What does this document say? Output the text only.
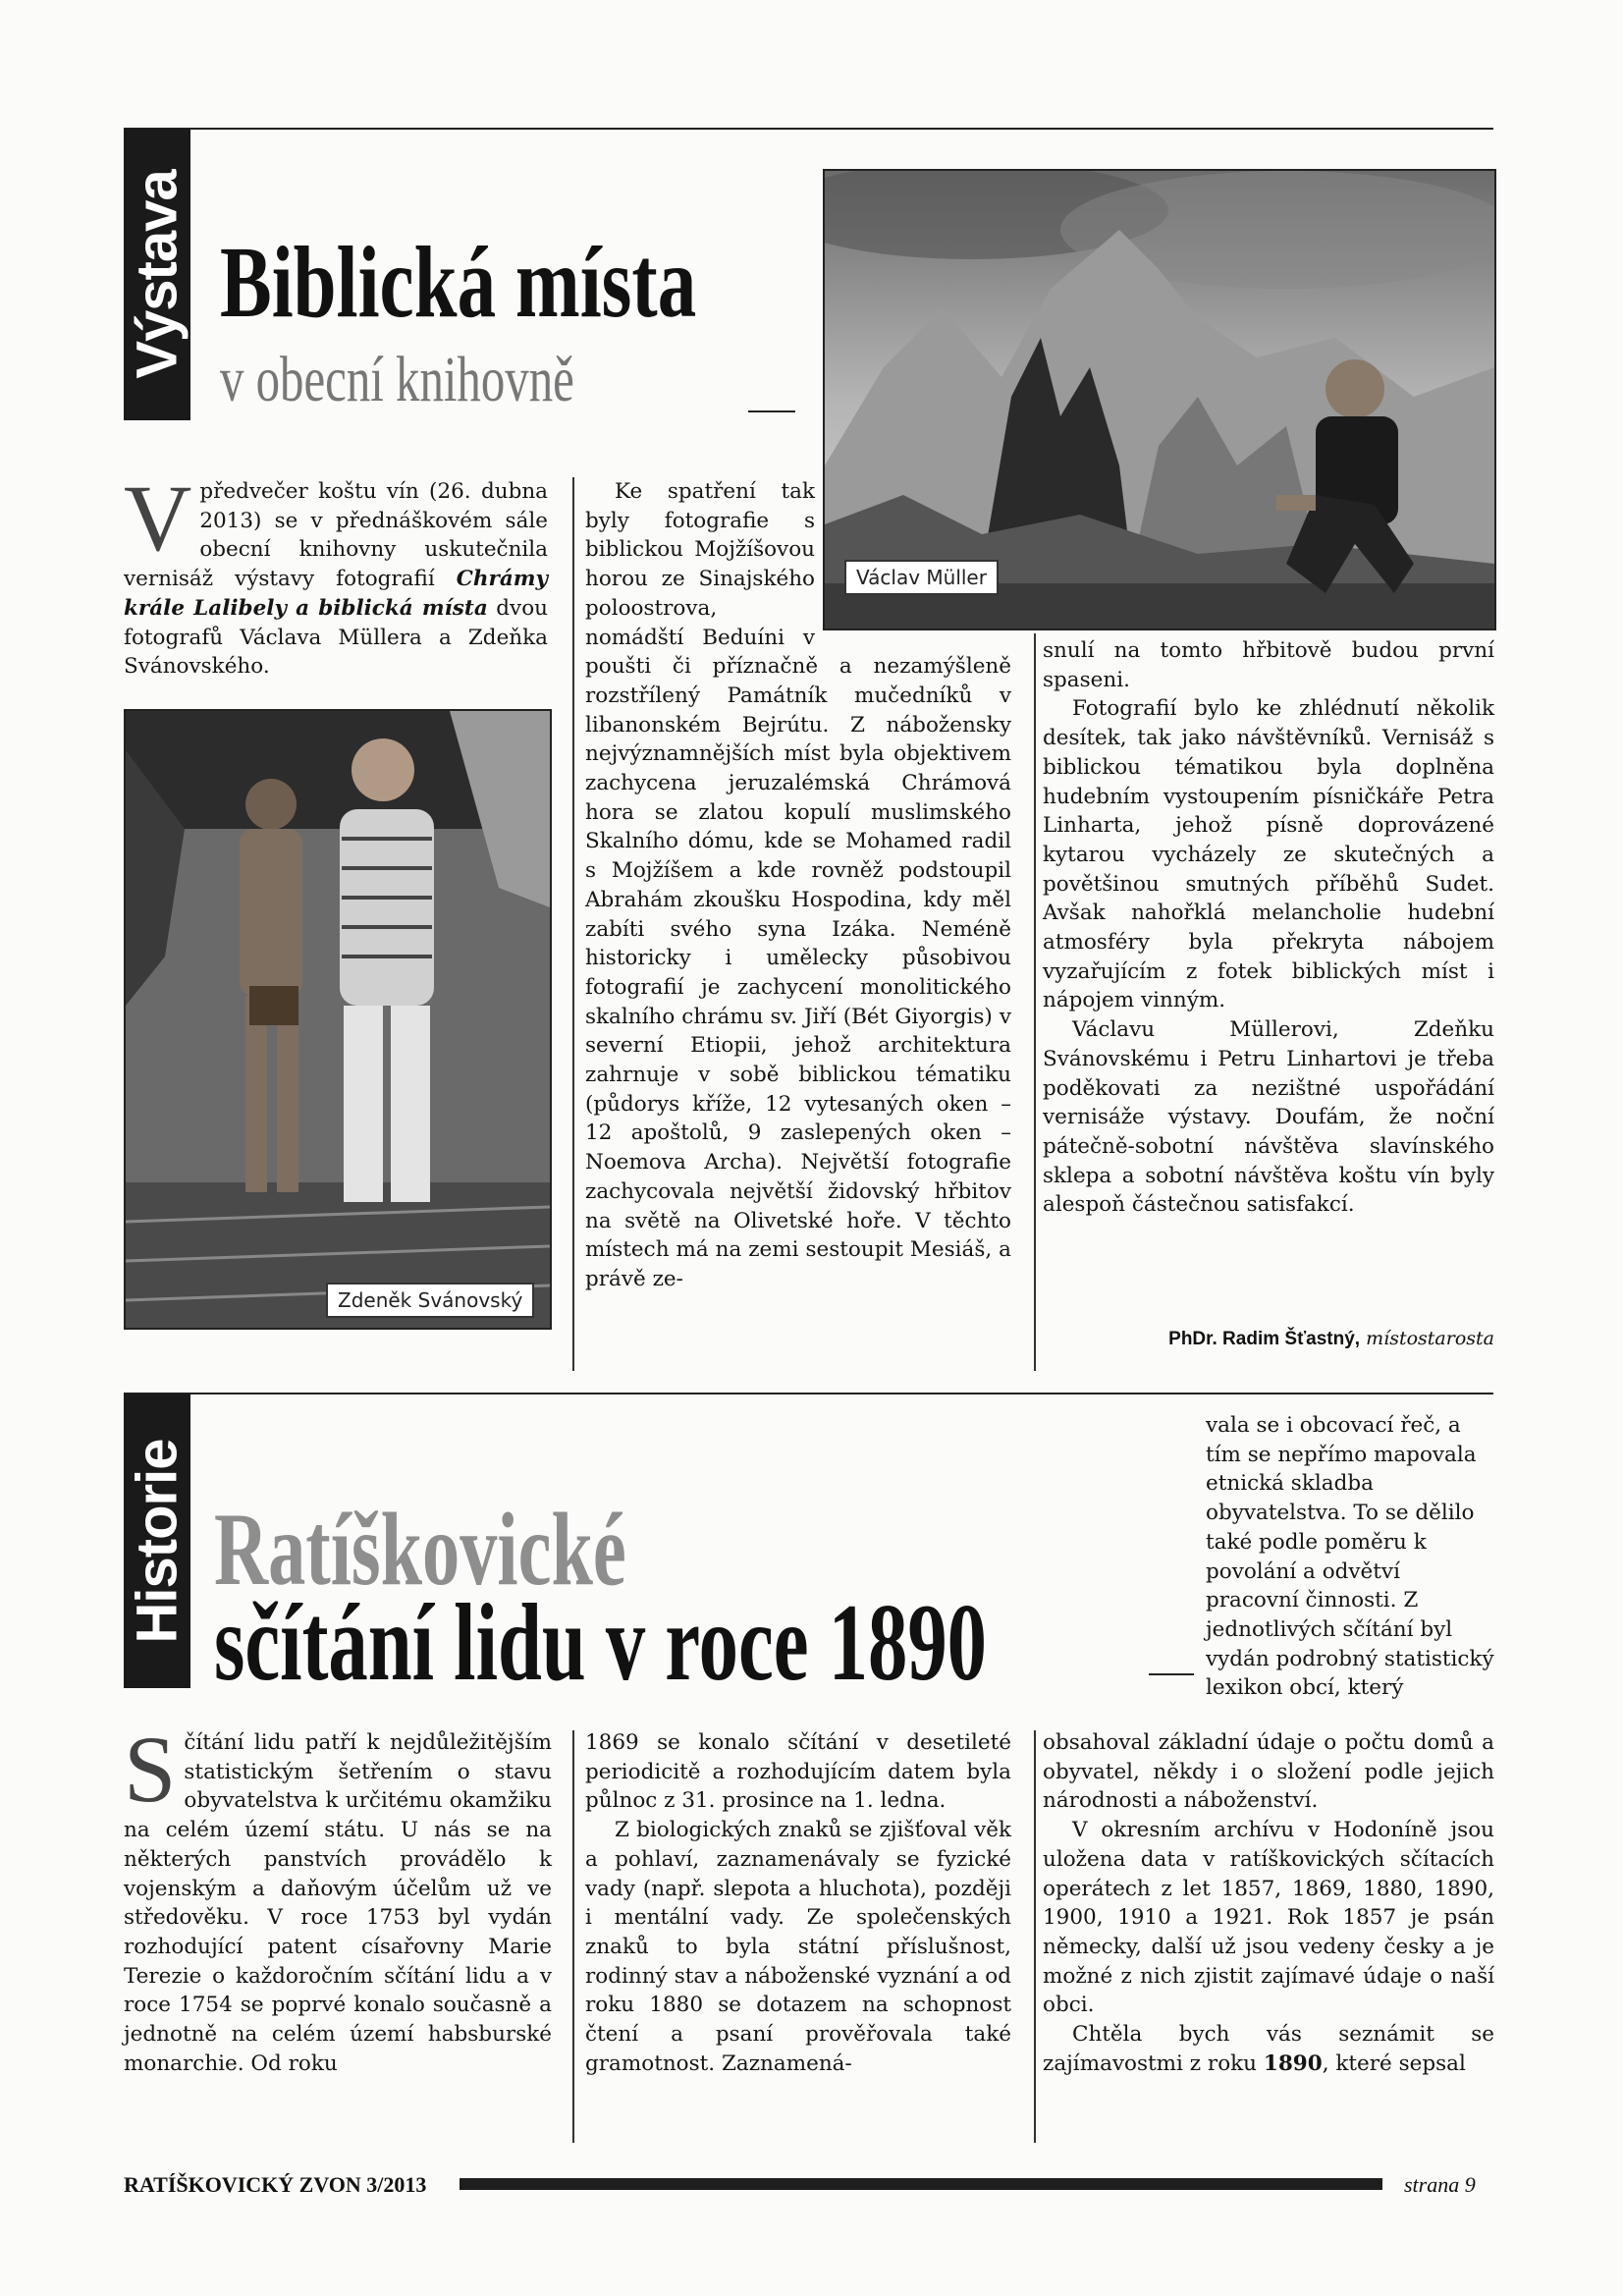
Výstava Biblická místa
v obecní knihovně
Václav Müller

V předvečer koštu vín (26. dubna 2013) se v přednáškovém sále obecní knihovny uskutečnila vernisáž výstavy fotografií Chrámy krále Lalibely a biblická místa dvou fotografů Václava Müllera a Zdeňka Svánovského.

Zdeněk Svánovský

Ke spatření tak byly fotografie s biblickou Mojžíšovou horou ze Sinajského poloostrova, nomádští Beduíni v poušti či příznačně a nezamýšleně rozstřílený Památník mučedníků v libanonském Bejrútu. Z nábožensky nejvýznamnějších míst byla objektivem zachycena jeruzalémská Chrámová hora se zlatou kopulí muslimského Skalního dómu, kde se Mohamed radil s Mojžíšem a kde rovněž podstoupil Abrahám zkoušku Hospodina, kdy měl zabíti svého syna Izáka. Neméně historicky i umělecky působivou fotografií je zachycení monolitického skalního chrámu sv. Jiří (Bét Giyorgis) v severní Etiopii, jehož architektura zahrnuje v sobě biblickou tématiku (půdorys kříže, 12 vytesaných oken – 12 apoštolů, 9 zaslepených oken – Noemova Archa). Největší fotografie zachycovala největší židovský hřbitov na světě na Olivetské hoře. V těchto místech má na zemi sestoupit Mesiáš, a právě ze-

snulí na tomto hřbitově budou první spaseni.

Fotografií bylo ke zhlédnutí několik desítek, tak jako návštěvníků. Vernisáž s biblickou tématikou byla doplněna hudebním vystoupením písničkáře Petra Linharta, jehož písně doprovázené kytarou vycházely ze skutečných a povětšinou smutných příběhů Sudet. Avšak nahořklá melancholie hudební atmosféry byla překryta nábojem vyzařujícím z fotek biblických míst i nápojem vinným.

Václavu Müllerovi, Zdeňku Svánovskému i Petru Linhartovi je třeba poděkovati za nezištné uspořádání vernisáže výstavy. Doufám, že noční pátečně-sobotní návštěva slavínského sklepa a sobotní návštěva koštu vín byly alespoň částečnou satisfakcí.

PhDr. Radim Šťastný, místostarosta
Historie Ratíškovické
sčítání lidu v roce 1890

vala se i obcovací řeč, a tím se nepřímo mapovala etnická skladba obyvatelstva. To se dělilo také podle poměru k povolání a odvětví pracovní činnosti. Z jednotlivých sčítání byl vydán podrobný statistický lexikon obcí, který

S čítání lidu patří k nejdůležitějším statistickým šetřením o stavu obyvatelstva k určitému okamžiku na celém území státu. U nás se na některých panstvích provádělo k vojenským a daňovým účelům už ve středověku. V roce 1753 byl vydán rozhodující patent císařovny Marie Terezie o každoročním sčítání lidu a v roce 1754 se poprvé konalo současně a jednotně na celém území habsburské monarchie. Od roku

1869 se konalo sčítání v desetileté periodicitě a rozhodujícím datem byla půlnoc z 31. prosince na 1. ledna.

Z biologických znaků se zjišťoval věk a pohlaví, zaznamenávaly se fyzické vady (např. slepota a hluchota), později i mentální vady. Ze společenských znaků to byla státní příslušnost, rodinný stav a náboženské vyznání a od roku 1880 se dotazem na schopnost čtení a psaní prověřovala také gramotnost. Zaznamená-

obsahoval základní údaje o počtu domů a obyvatel, někdy i o složení podle jejich národnosti a náboženství.

V okresním archívu v Hodoníně jsou uložena data v ratíškovických sčítacích operátech z let 1857, 1869, 1880, 1890, 1900, 1910 a 1921. Rok 1857 je psán německy, další už jsou vedeny česky a je možné z nich zjistit zajímavé údaje o naší obci.

Chtěla bych vás seznámit se zajímavostmi z roku 1890, které sepsal

RATÍŠKOVICKÝ ZVON 3/2013	strana 9
